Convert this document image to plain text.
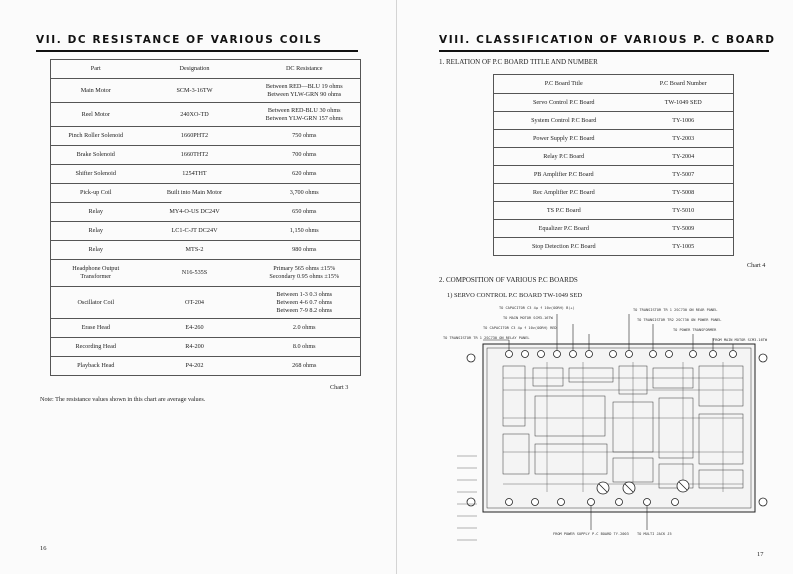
VII. DC RESISTANCE OF VARIOUS COILS
Part	Designation	DC Resistance

Main Motor	SCM-3-16TW	Between RED—BLU 19 ohms
Between YLW-GRN 90 ohms

Reel Motor	240XO-TD	Between RED-BLU 30 ohms
Between YLW-GRN 157 ohms

Pinch Roller Solenoid	1660PHT2	750 ohms

Brake Solenoid	1660THT2	700 ohms

Shifter Solenoid	1254THT	620 ohms

Pick-up Coil	Built into Main Motor	3,700 ohms

Relay	MY4-O-US DC24V	650 ohms

Relay	LC1-C-JT DC24V	1,150 ohms

Relay	MTS-2	980 ohms

Headphone Output
Transformer	N16-535S	Primary 565 ohms ±15%
Secondary 0.95 ohms ±15%

Oscillator Coil	OT-204	Between 1-3 0.3 ohms
Between 4-6 0.7 ohms
Between 7-9 8.2 ohms

Erase Head	E4-260	2.0 ohms

Recording Head	R4-200	8.0 ohms

Playback Head	P4-202	268 ohms
Chart 3
Note: The resistance values shown in this chart are average values.
16
VIII. CLASSIFICATION OF VARIOUS P. C BOARD
1. RELATION OF P.C BOARD TITLE AND NUMBER
P.C Board Title	P.C Board Number
Servo Control P.C Board	TW-1049 SED
System Control P.C Board	TY-1006
Power Supply P.C Board	TY-2003
Relay P.C Board	TY-2004
PB Amplifier P.C Board	TY-5007
Rec Amplifier P.C Board	TY-5008
TS P.C Board	TY-5010
Equalizer P.C Board	TY-5009
Stop Detection P.C Board	TY-1005
Chart 4
2. COMPOSITION OF VARIOUS P.C BOARDS
1) SERVO CONTROL P.C BOARD TW-1049 SED
TO CAPACITOR C3 4µ f 10v(OORH) B(+)
TO MAIN MOTOR SCM3-16TW
TO CAPACITOR C3 4µ f 10v(OORH) RED
TO TRANSISTOR TR 1 2SC730 ON RELAY PANEL
TO TRANSISTOR TR 1 2SC730 ON REAR PANEL
TO TRANSISTOR TR2 2SC730 ON POWER PANEL
TO POWER TRANSFORMER
FROM MAIN MOTOR SCM3-16TW
FROM POWER SUPPLY P.C BOARD TY-2003 TO MULTI JACK J5
17
